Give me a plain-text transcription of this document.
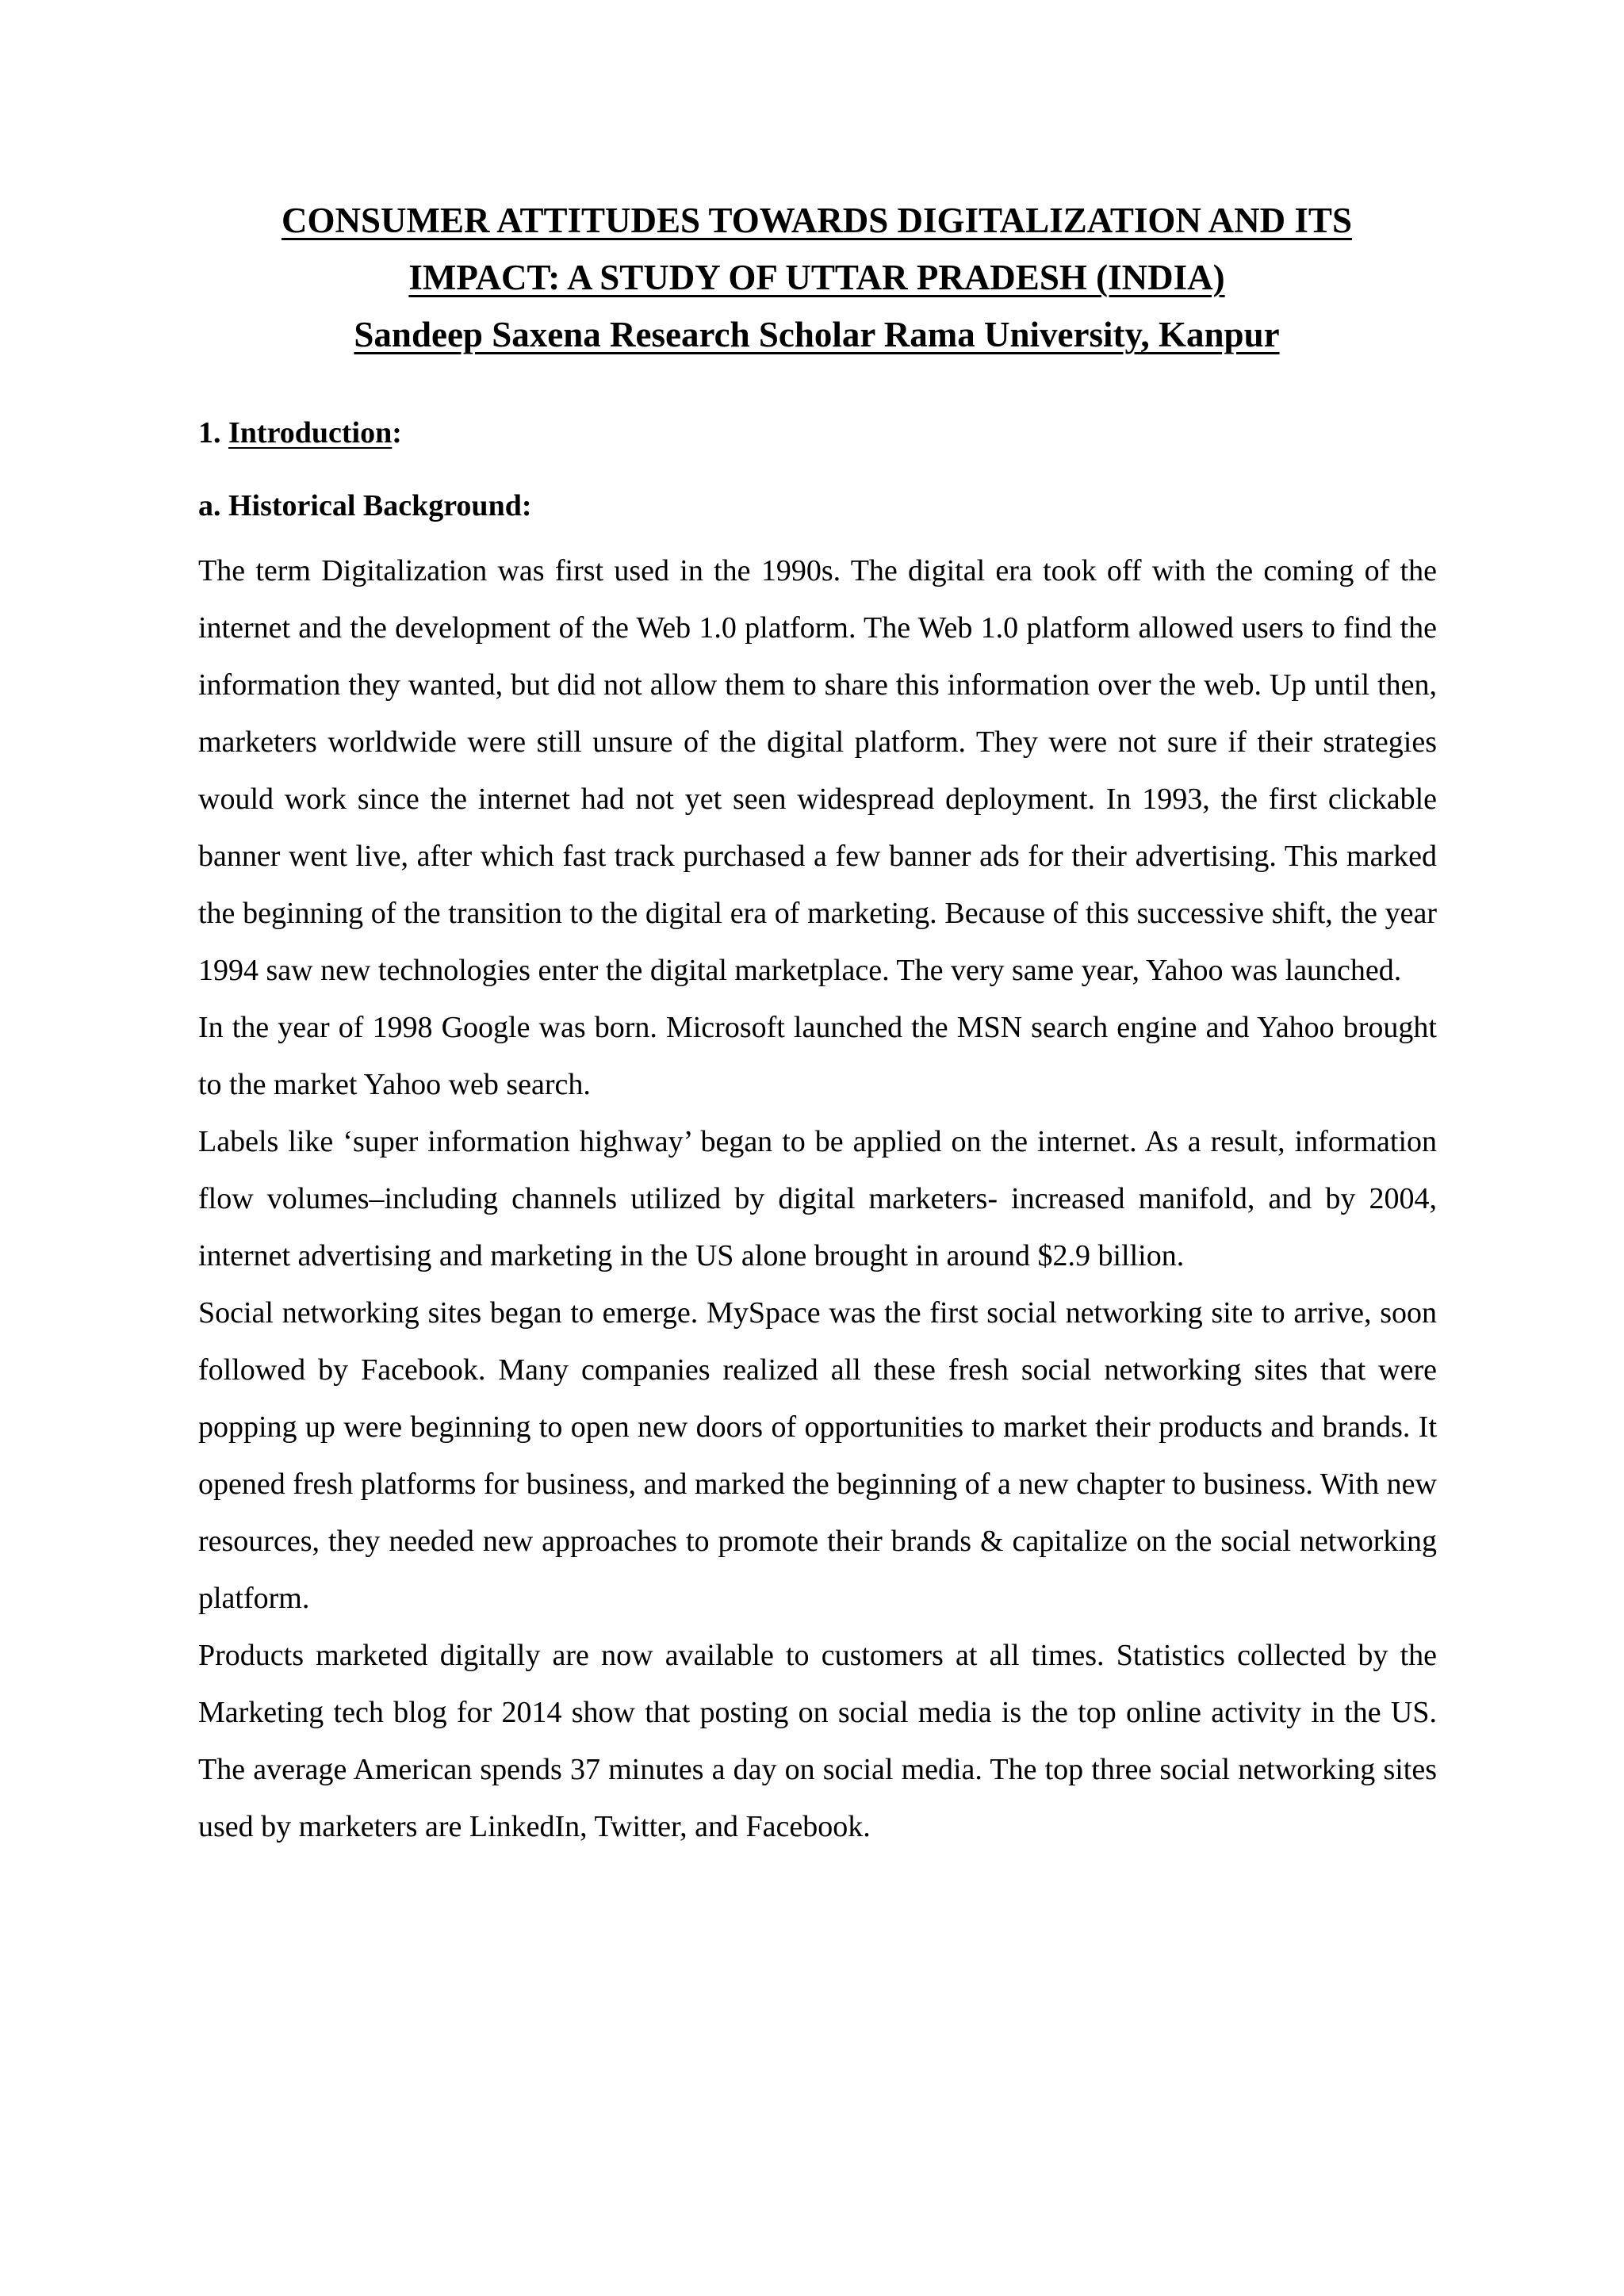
CONSUMER ATTITUDES TOWARDS DIGITALIZATION AND ITS
IMPACT: A STUDY OF UTTAR PRADESH (INDIA)
Sandeep Saxena Research Scholar Rama University, Kanpur
1. Introduction:
a. Historical Background:

The term Digitalization was first used in the 1990s. The digital era took off with the coming of the internet and the development of the Web 1.0 platform. The Web 1.0 platform allowed users to find the information they wanted, but did not allow them to share this information over the web. Up until then, marketers worldwide were still unsure of the digital platform. They were not sure if their strategies would work since the internet had not yet seen widespread deployment. In 1993, the first clickable banner went live, after which fast track purchased a few banner ads for their advertising. This marked the beginning of the transition to the digital era of marketing. Because of this successive shift, the year 1994 saw new technologies enter the digital marketplace. The very same year, Yahoo was launched.

In the year of 1998 Google was born. Microsoft launched the MSN search engine and Yahoo brought to the market Yahoo web search.

Labels like ‘super information highway’ began to be applied on the internet. As a result, information flow volumes–including channels utilized by digital marketers- increased manifold, and by 2004, internet advertising and marketing in the US alone brought in around $2.9 billion.

Social networking sites began to emerge. MySpace was the first social networking site to arrive, soon followed by Facebook. Many companies realized all these fresh social networking sites that were popping up were beginning to open new doors of opportunities to market their products and brands. It opened fresh platforms for business, and marked the beginning of a new chapter to business. With new resources, they needed new approaches to promote their brands & capitalize on the social networking platform.

Products marketed digitally are now available to customers at all times. Statistics collected by the Marketing tech blog for 2014 show that posting on social media is the top online activity in the US. The average American spends 37 minutes a day on social media. The top three social networking sites used by marketers are LinkedIn, Twitter, and Facebook.
